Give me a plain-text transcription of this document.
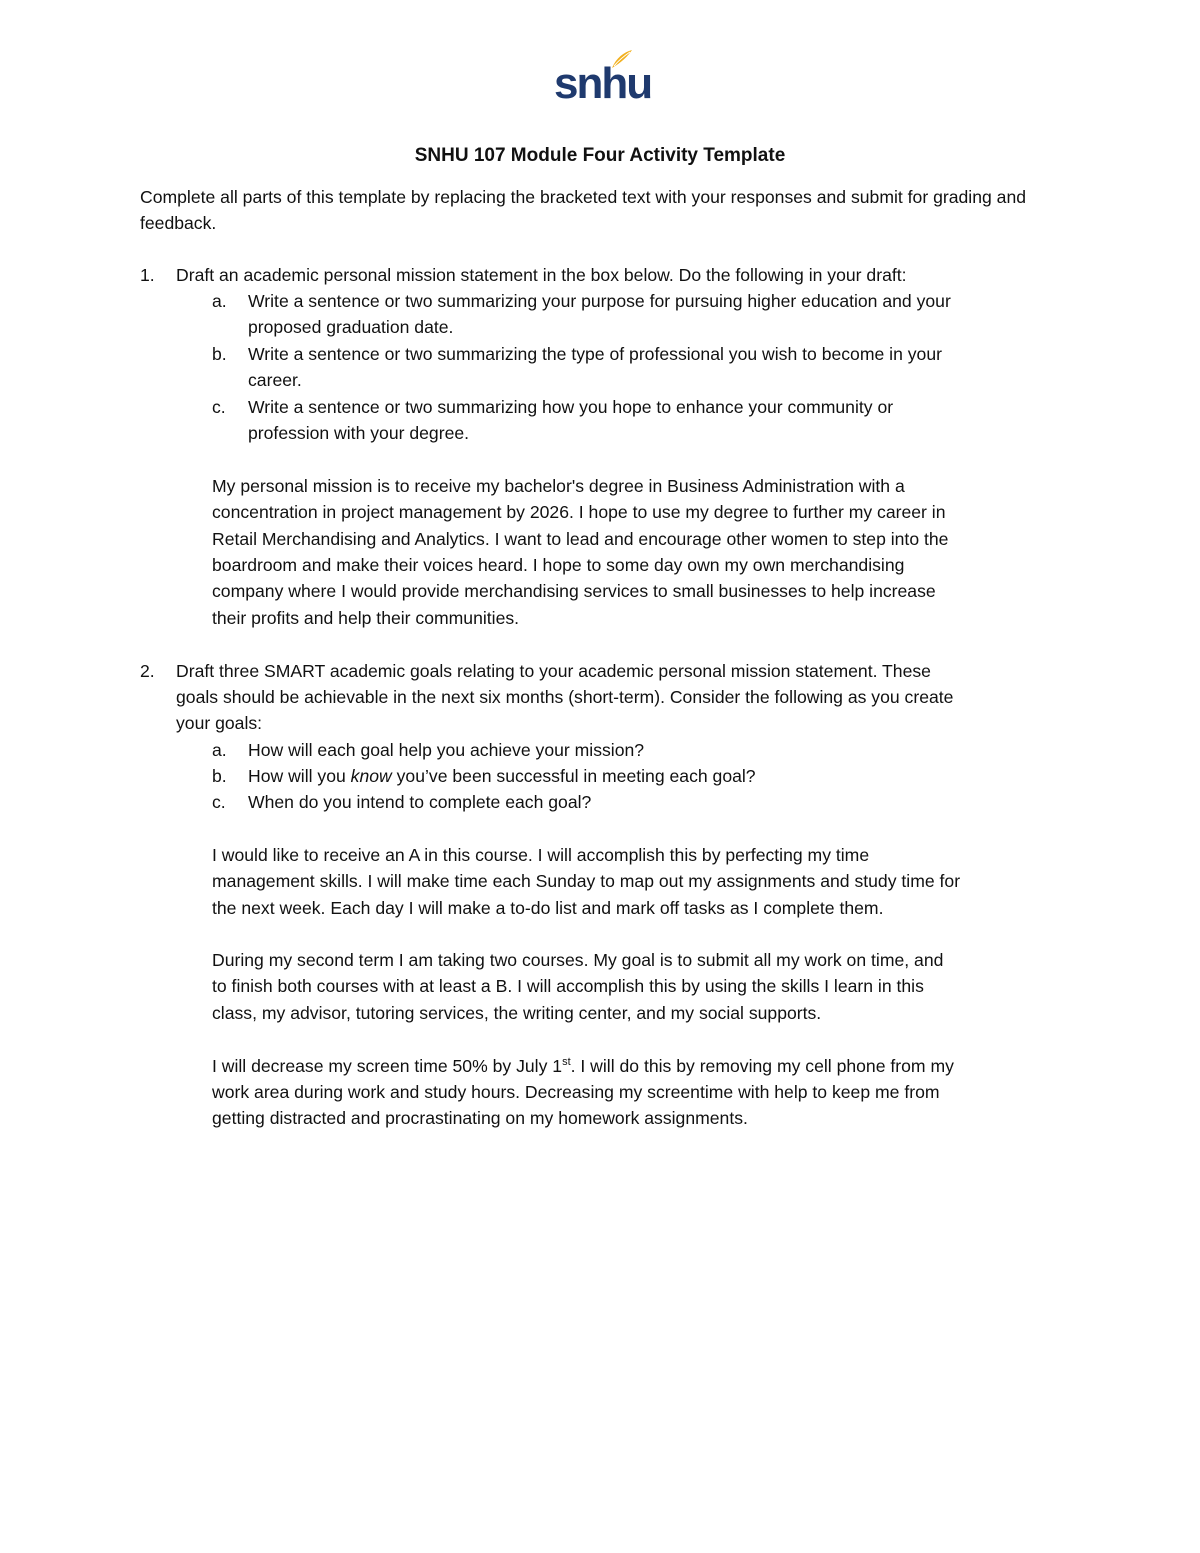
snhu
SNHU 107 Module Four Activity Template
Complete all parts of this template by replacing the bracketed text with your responses and submit for grading and feedback.
1. Draft an academic personal mission statement in the box below. Do the following in your draft:
a. Write a sentence or two summarizing your purpose for pursuing higher education and your
proposed graduation date.
b. Write a sentence or two summarizing the type of professional you wish to become in your
career.
c. Write a sentence or two summarizing how you hope to enhance your community or
profession with your degree.
My personal mission is to receive my bachelor's degree in Business Administration with a
concentration in project management by 2026. I hope to use my degree to further my career in
Retail Merchandising and Analytics. I want to lead and encourage other women to step into the
boardroom and make their voices heard. I hope to some day own my own merchandising
company where I would provide merchandising services to small businesses to help increase
their profits and help their communities.
2. Draft three SMART academic goals relating to your academic personal mission statement. These
goals should be achievable in the next six months (short-term). Consider the following as you create
your goals:
a. How will each goal help you achieve your mission?
b. How will you know you’ve been successful in meeting each goal?
c. When do you intend to complete each goal?
I would like to receive an A in this course. I will accomplish this by perfecting my time
management skills. I will make time each Sunday to map out my assignments and study time for
the next week. Each day I will make a to-do list and mark off tasks as I complete them.
During my second term I am taking two courses. My goal is to submit all my work on time, and
to finish both courses with at least a B. I will accomplish this by using the skills I learn in this
class, my advisor, tutoring services, the writing center, and my social supports.
I will decrease my screen time 50% by July 1st. I will do this by removing my cell phone from my
work area during work and study hours. Decreasing my screentime with help to keep me from
getting distracted and procrastinating on my homework assignments.
